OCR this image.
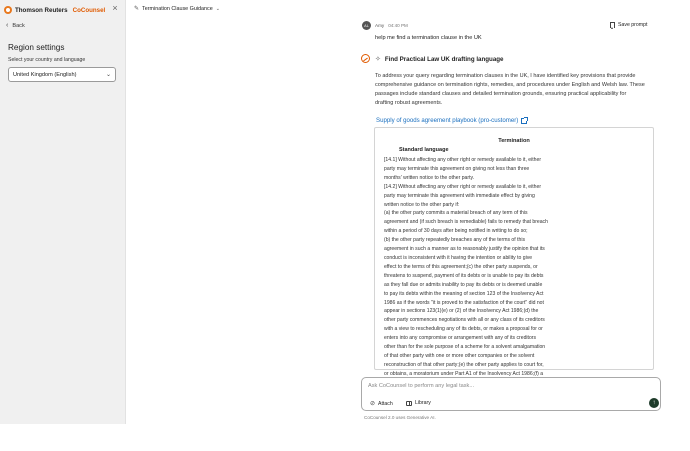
Thomson Reuters CoCounsel ×
‹ Back
Region settings
Select your country and language
United Kingdom (English)	⌄
✎ Termination Clause Guidance ⌄
AL	Amy 04:40 PM	Save prompt
help me find a termination clause in the UK
✧ Find Practical Law UK drafting language
To address your query regarding termination clauses in the UK, I have identified key provisions that provide
comprehensive guidance on termination rights, remedies, and procedures under English and Welsh law. These
passages include standard clauses and detailed termination grounds, ensuring practical applicability for
drafting robust agreements.
Supply of goods agreement playbook (pro-customer)
Termination
Standard language
[14.1] Without affecting any other right or remedy available to it, either
party may terminate this agreement on giving not less than three
months' written notice to the other party.
[14.2] Without affecting any other right or remedy available to it, either
party may terminate this agreement with immediate effect by giving
written notice to the other party if:
(a) the other party commits a material breach of any term of this
agreement and (if such breach is remediable) fails to remedy that breach
within a period of 30 days after being notified in writing to do so;
(b) the other party repeatedly breaches any of the terms of this
agreement in such a manner as to reasonably justify the opinion that its
conduct is inconsistent with it having the intention or ability to give
effect to the terms of this agreement;(c) the other party suspends, or
threatens to suspend, payment of its debts or is unable to pay its debts
as they fall due or admits inability to pay its debts or is deemed unable
to pay its debts within the meaning of section 123 of the Insolvency Act
1986 as if the words "it is proved to the satisfaction of the court" did not
appear in sections 123(1)(e) or (2) of the Insolvency Act 1986;(d) the
other party commences negotiations with all or any class of its creditors
with a view to rescheduling any of its debts, or makes a proposal for or
enters into any compromise or arrangement with any of its creditors
other than for the sole purpose of a scheme for a solvent amalgamation
of that other party with one or more other companies or the solvent
reconstruction of that other party;(e) the other party applies to court for,
or obtains, a moratorium under Part A1 of the Insolvency Act 1986;(f) a
Ask CoCounsel to perform any legal task...
⊘ Attach	Library	↑
CoCounsel 2.0 uses Generative AI.
